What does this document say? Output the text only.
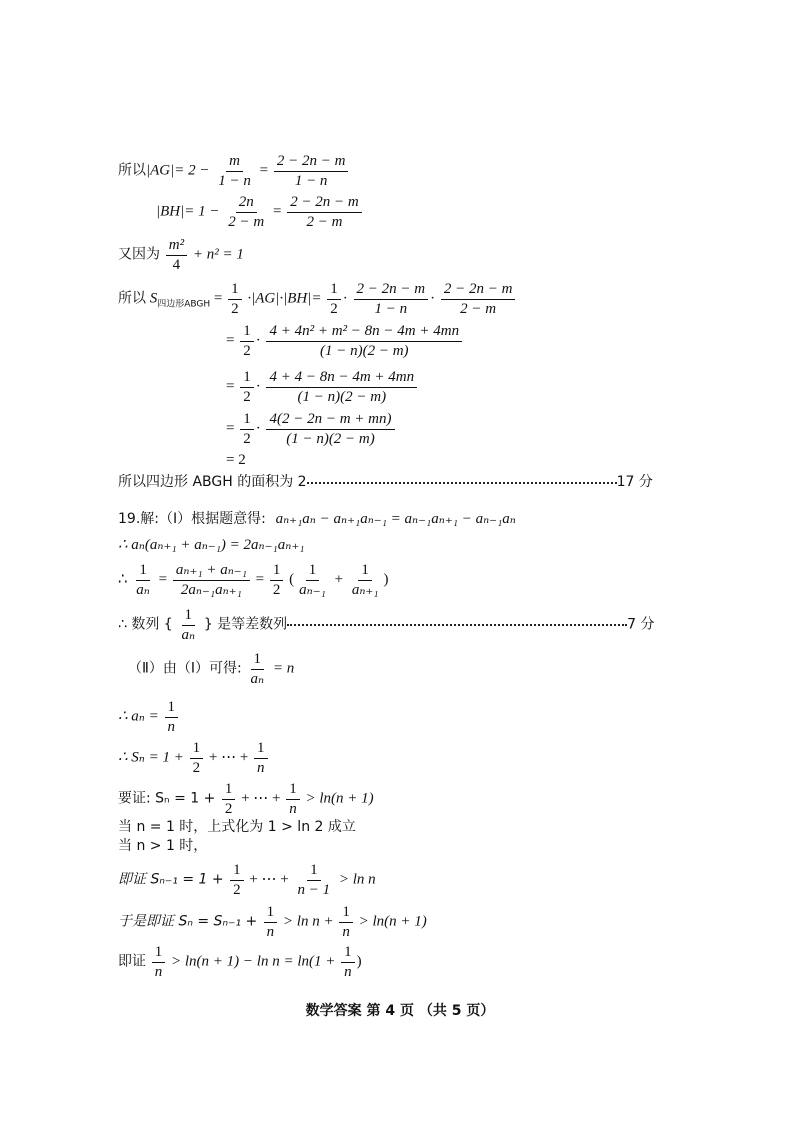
所以$|AG|= 2 - \frac{m}{1 - n} = \frac{2 - 2n - m}{1 - n}$
$|BH|= 1 - \frac{2n}{2 - m} = \frac{2 - 2n - m}{2 - m}$
又因为 $\frac{\text{m²}}{4} + n^2 = 1$
所以 $S_{四边形ABGH} = \frac{1}{2} \cdot|AG|\cdot|BH|= \frac{1}{2} \cdot \frac{2 - 2n - m}{1 - n} \cdot \frac{2 - 2n - m}{2 - m}$
= $\frac{1}{2} \cdot \frac{\text{4 + 4n² + m² − 8n − 4m + 4mn}}{(1 - n)(2 - m)}$
= $\frac{1}{2} \cdot \frac{4 + 4 - 8n - 4m + 4mn}{(1 - n)(2 - m)}$
= $\frac{1}{2} \cdot \frac{4(2 - 2n - m + mn)}{(1 - n)(2 - m)}$
= 2
所以四边形 ABGH 的面积为 2	17 分
19.解:（Ⅰ）根据题意得: aₙ₊₁aₙ − aₙ₊₁aₙ₋₁ = aₙ₋₁aₙ₊₁ − aₙ₋₁aₙ
∴ aₙ(aₙ₊₁ + aₙ₋₁) = 2aₙ₋₁aₙ₊₁
∴ $\frac{1}{\text{aₙ}} = \frac{\text{aₙ₊₁ + aₙ₋₁}}{\text{2aₙ₋₁aₙ₊₁}} = \frac{1}{2}$ ( $\frac{1}{\text{aₙ₋₁}} + \frac{1}{\text{aₙ₊₁}}$ )
∴ 数列 { $\frac{1}{\text{aₙ}}$ } 是等差数列	7 分
（Ⅱ）由（Ⅰ）可得: $\frac{1}{\text{aₙ}} = n$
∴ $a_n = \frac{1}{n}$
∴ $S_n = 1 + \frac{1}{2}$ + ⋯ + $\frac{1}{n}$
要证: $S_n = 1 + \frac{1}{2}$ + ⋯ + $\frac{1}{n} > \ln(n + 1)$
当 n = 1 时，上式化为 1 > ln 2 成立
当 n > 1 时，
即证 $S_{n-1} = 1 + \frac{1}{2}$ + ⋯ + $\frac{1}{n - 1} > \ln n$
于是即证 $S_n = S_{n-1} + \frac{1}{n} > \ln n + \frac{1}{n} > \ln(n + 1)$
即证 $\frac{1}{n} > \ln(n + 1) - \ln n = \ln(1 + \frac{1}{n}$ )
数学答案 第 4 页 （共 5 页）
